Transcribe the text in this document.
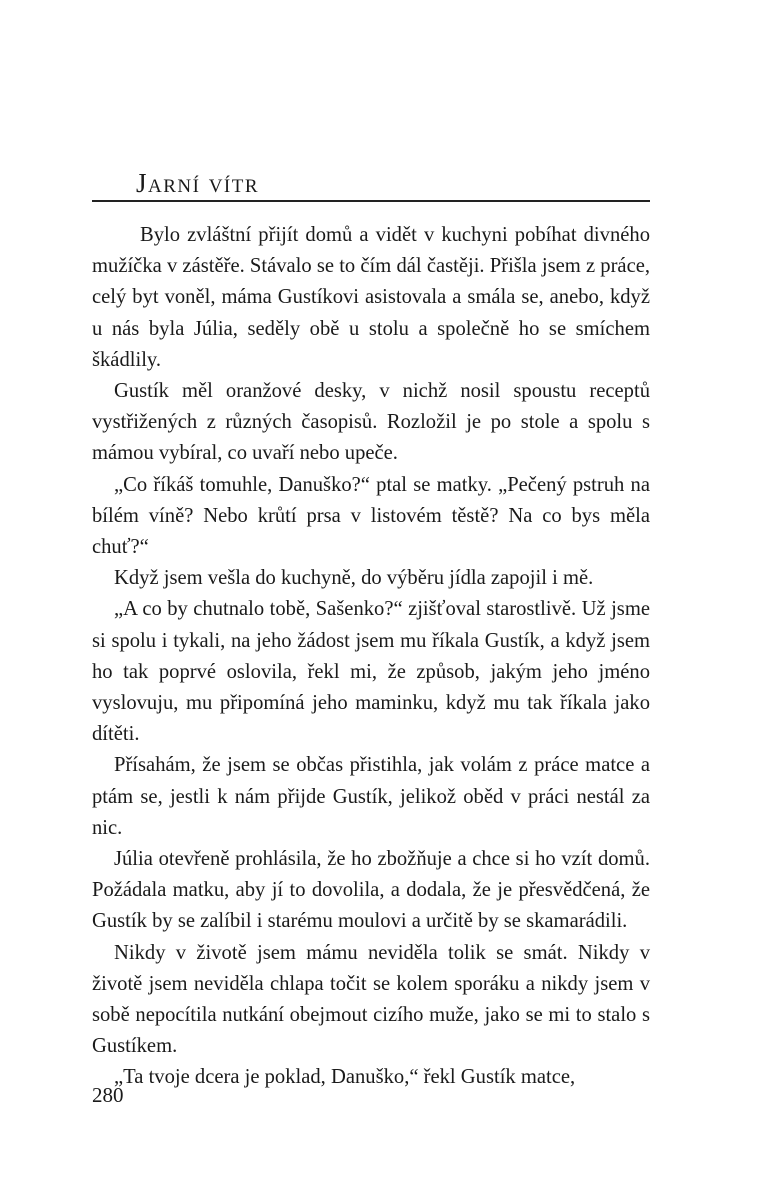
Jarní vítr

Bylo zvláštní přijít domů a vidět v kuchyni pobíhat divného mužíčka v zástěře. Stávalo se to čím dál častěji. Přišla jsem z práce, celý byt voněl, máma Gustíkovi asistovala a smála se, anebo, když u nás byla Júlia, seděly obě u stolu a společně ho se smíchem škádlily.

Gustík měl oranžové desky, v nichž nosil spoustu receptů vystřižených z různých časopisů. Rozložil je po stole a spolu s mámou vybíral, co uvaří nebo upeče.

„Co říkáš tomuhle, Danuško?“ ptal se matky. „Pečený pstruh na bílém víně? Nebo krůtí prsa v listovém těstě? Na co bys měla chuť?“

Když jsem vešla do kuchyně, do výběru jídla zapojil i mě.

„A co by chutnalo tobě, Sašenko?“ zjišťoval starostlivě. Už jsme si spolu i tykali, na jeho žádost jsem mu říkala Gustík, a když jsem ho tak poprvé oslovila, řekl mi, že způsob, jakým jeho jméno vyslovuju, mu připomíná jeho maminku, když mu tak říkala jako dítěti.

Přísahám, že jsem se občas přistihla, jak volám z práce matce a ptám se, jestli k nám přijde Gustík, jelikož oběd v práci nestál za nic.

Júlia otevřeně prohlásila, že ho zbožňuje a chce si ho vzít domů. Požádala matku, aby jí to dovolila, a dodala, že je přesvědčená, že Gustík by se zalíbil i starému moulovi a určitě by se skamarádili.

Nikdy v životě jsem mámu neviděla tolik se smát. Nikdy v životě jsem neviděla chlapa točit se kolem sporáku a nikdy jsem v sobě nepocítila nutkání obejmout cizího muže, jako se mi to stalo s Gustíkem.

„Ta tvoje dcera je poklad, Danuško,“ řekl Gustík matce,

280
